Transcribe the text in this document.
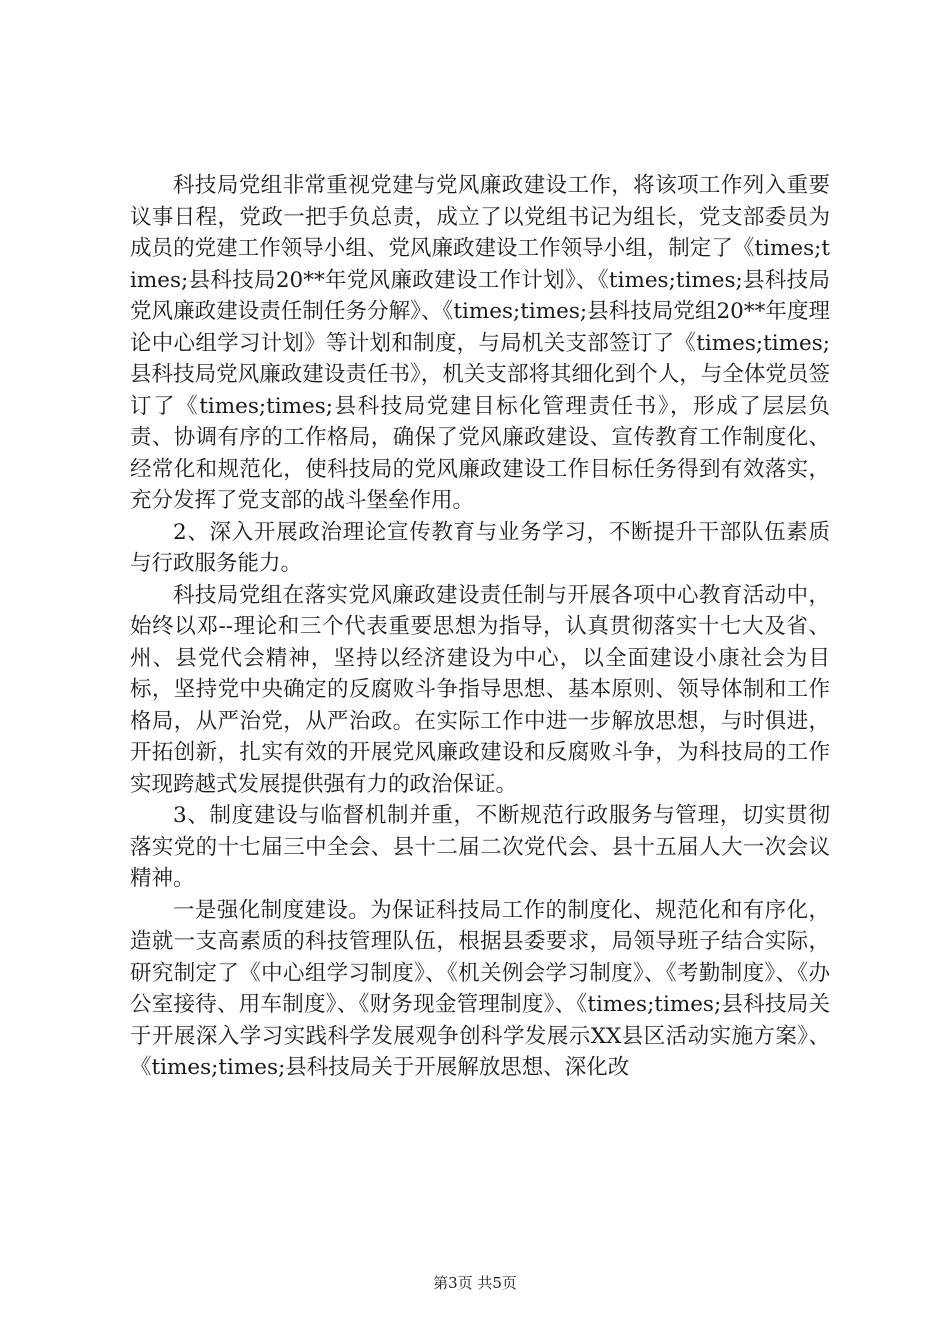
科技局党组非常重视党建与党风廉政建设工作，将该项工作列入重要议事日程，党政一把手负总责，成立了以党组书记为组长，党支部委员为成员的党建工作领导小组、党风廉政建设工作领导小组，制定了《times;times;县科技局20**年党风廉政建设工作计划》、《times;times;县科技局党风廉政建设责任制任务分解》、《times;times;县科技局党组20**年度理论中心组学习计划》等计划和制度，与局机关支部签订了《times;times;县科技局党风廉政建设责任书》，机关支部将其细化到个人，与全体党员签订了《times;times;县科技局党建目标化管理责任书》，形成了层层负责、协调有序的工作格局，确保了党风廉政建设、宣传教育工作制度化、经常化和规范化，使科技局的党风廉政建设工作目标任务得到有效落实，充分发挥了党支部的战斗堡垒作用。

2、深入开展政治理论宣传教育与业务学习，不断提升干部队伍素质与行政服务能力。

科技局党组在落实党风廉政建设责任制与开展各项中心教育活动中，始终以邓--理论和三个代表重要思想为指导，认真贯彻落实十七大及省、州、县党代会精神，坚持以经济建设为中心，以全面建设小康社会为目标，坚持党中央确定的反腐败斗争指导思想、基本原则、领导体制和工作格局，从严治党，从严治政。在实际工作中进一步解放思想，与时俱进，开拓创新，扎实有效的开展党风廉政建设和反腐败斗争，为科技局的工作实现跨越式发展提供强有力的政治保证。

3、制度建设与临督机制并重，不断规范行政服务与管理，切实贯彻落实党的十七届三中全会、县十二届二次党代会、县十五届人大一次会议精神。

一是强化制度建设。为保证科技局工作的制度化、规范化和有序化，造就一支高素质的科技管理队伍，根据县委要求，局领导班子结合实际，研究制定了《中心组学习制度》、《机关例会学习制度》、《考勤制度》、《办公室接待、用车制度》、《财务现金管理制度》、《times;times;县科技局关于开展深入学习实践科学发展观争创科学发展示XX县区活动实施方案》、《times;times;县科技局关于开展解放思想、深化改

第3页 共5页
